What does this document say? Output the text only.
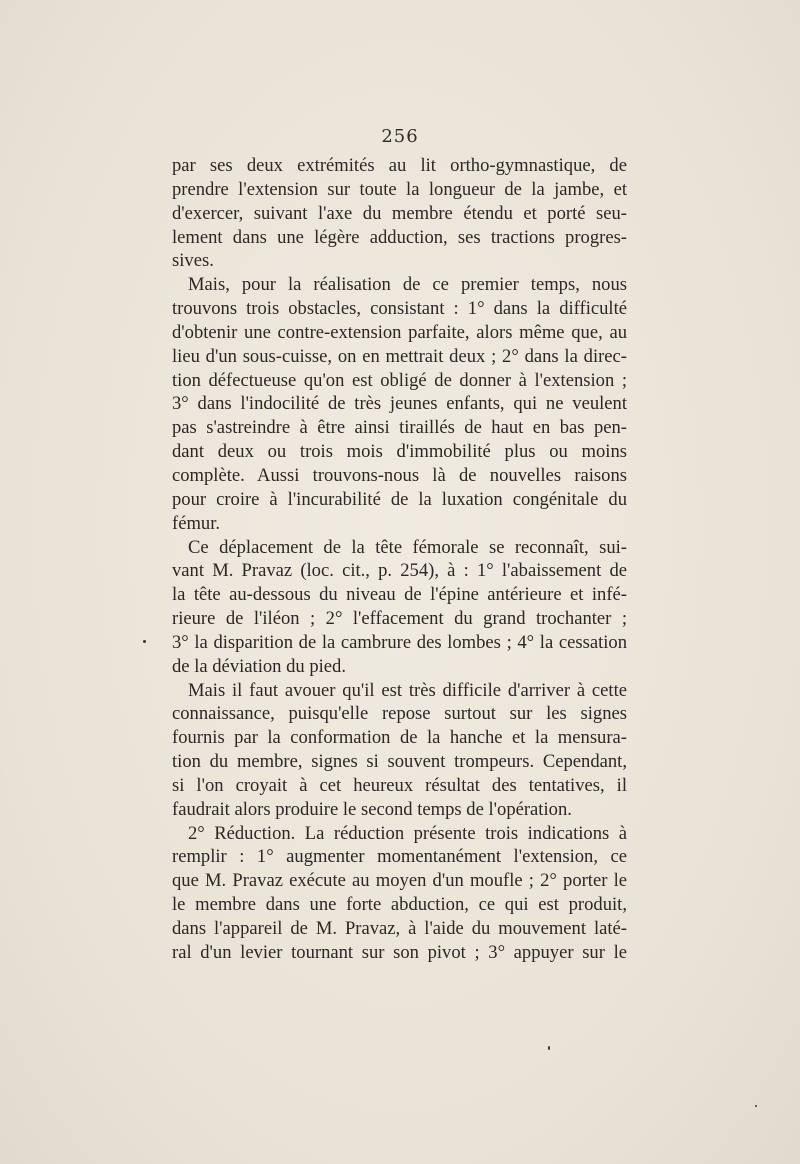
256
par ses deux extrémités au lit ortho-gymnastique, de
prendre l'extension sur toute la longueur de la jambe, et
d'exercer, suivant l'axe du membre étendu et porté seu-
lement dans une légère adduction, ses tractions progres-
sives.
Mais, pour la réalisation de ce premier temps, nous
trouvons trois obstacles, consistant : 1° dans la difficulté
d'obtenir une contre-extension parfaite, alors même que, au
lieu d'un sous-cuisse, on en mettrait deux ; 2° dans la direc-
tion défectueuse qu'on est obligé de donner à l'extension ;
3° dans l'indocilité de très jeunes enfants, qui ne veulent
pas s'astreindre à être ainsi tiraillés de haut en bas pen-
dant deux ou trois mois d'immobilité plus ou moins
complète. Aussi trouvons-nous là de nouvelles raisons
pour croire à l'incurabilité de la luxation congénitale du
fémur.
Ce déplacement de la tête fémorale se reconnaît, sui-
vant M. Pravaz (loc. cit., p. 254), à : 1° l'abaissement de
la tête au-dessous du niveau de l'épine antérieure et infé-
rieure de l'iléon ; 2° l'effacement du grand trochanter ;
3° la disparition de la cambrure des lombes ; 4° la cessation
de la déviation du pied.
Mais il faut avouer qu'il est très difficile d'arriver à cette
connaissance, puisqu'elle repose surtout sur les signes
fournis par la conformation de la hanche et la mensura-
tion du membre, signes si souvent trompeurs. Cependant,
si l'on croyait à cet heureux résultat des tentatives, il
faudrait alors produire le second temps de l'opération.
2° Réduction. La réduction présente trois indications à
remplir : 1° augmenter momentanément l'extension, ce
que M. Pravaz exécute au moyen d'un moufle ; 2° porter le
le membre dans une forte abduction, ce qui est produit,
dans l'appareil de M. Pravaz, à l'aide du mouvement laté-
ral d'un levier tournant sur son pivot ; 3° appuyer sur le
